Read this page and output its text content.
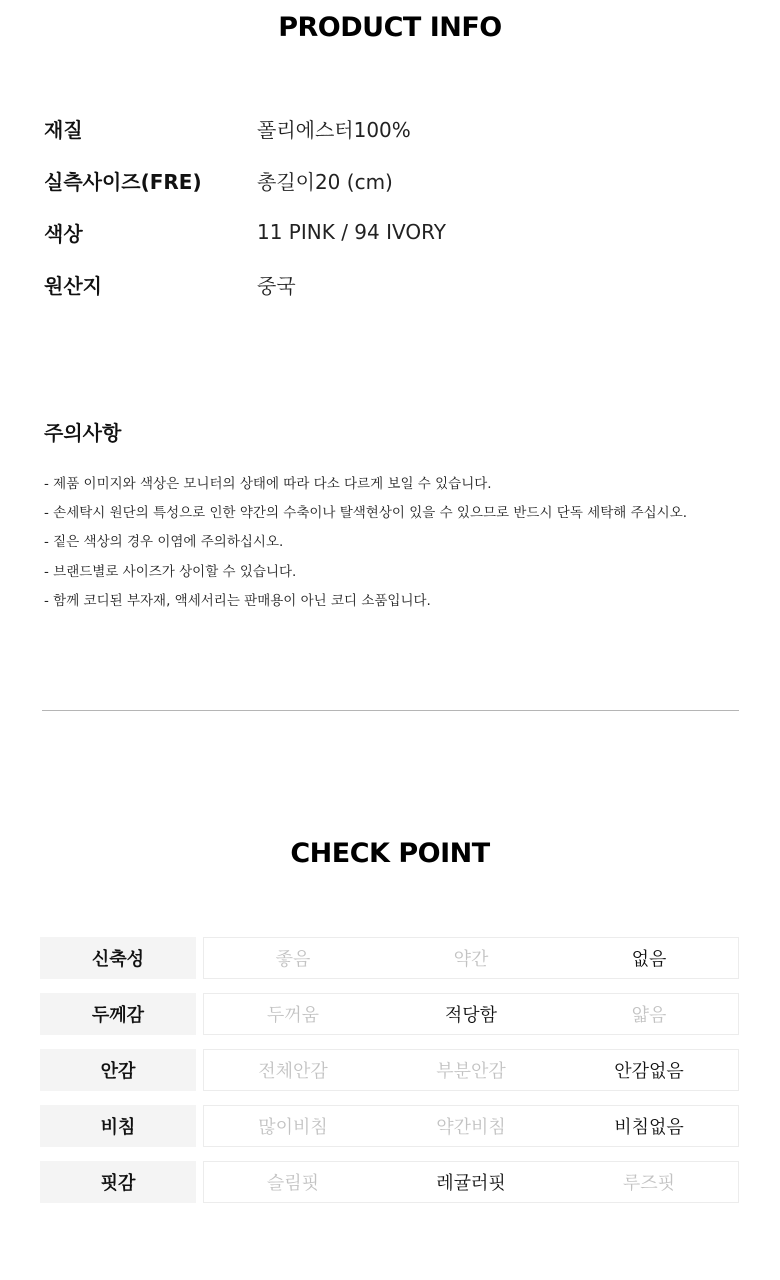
PRODUCT INFO
재질	폴리에스터100%
실측사이즈(FRE)	총길이20 (cm)
색상	11 PINK / 94 IVORY
원산지	중국
주의사항
- 제품 이미지와 색상은 모니터의 상태에 따라 다소 다르게 보일 수 있습니다.
- 손세탁시 원단의 특성으로 인한 약간의 수축이나 탈색현상이 있을 수 있으므로 반드시 단독 세탁해 주십시오.
- 짙은 색상의 경우 이염에 주의하십시오.
- 브랜드별로 사이즈가 상이할 수 있습니다.
- 함께 코디된 부자재, 액세서리는 판매용이 아닌 코디 소품입니다.
CHECK POINT
신축성	좋음	약간	없음
두께감	두꺼움	적당함	얇음
안감	전체안감	부분안감	안감없음
비침	많이비침	약간비침	비침없음
핏감	슬림핏	레귤러핏	루즈핏
